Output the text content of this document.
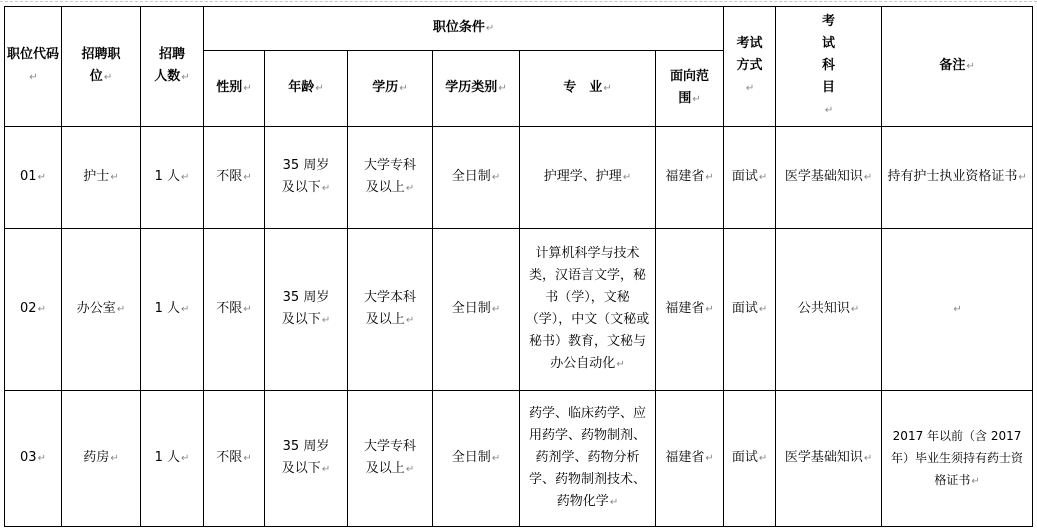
职位代码↵	招聘职位↵	招聘人数↵	职位条件↵						考试方式↵	考试科目↵	备注↵
			性别↵	年龄↵	学历↵	学历类别↵	专　业↵	面向范围↵			
01↵	护士↵	1 人↵	不限↵	35 周岁及以下↵	大学专科及以上↵	全日制↵	护理学、护理↵	福建省↵	面试↵	医学基础知识↵	持有护士执业资格证书↵
02↵	办公室↵	1 人↵	不限↵	35 周岁及以下↵	大学本科及以上↵	全日制↵	计算机科学与技术类，汉语言文学，秘书（学），文秘（学），中文（文秘或秘书）教育，文秘与办公自动化↵	福建省↵	面试↵	公共知识↵	↵
03↵	药房↵	1 人↵	不限↵	35 周岁及以下↵	大学专科及以上↵	全日制↵	药学、临床药学、应用药学、药物制剂、药剂学、药物分析学、药物制剂技术、药物化学↵	福建省↵	面试↵	医学基础知识↵	2017 年以前（含 2017 年）毕业生须持有药士资格证书↵
